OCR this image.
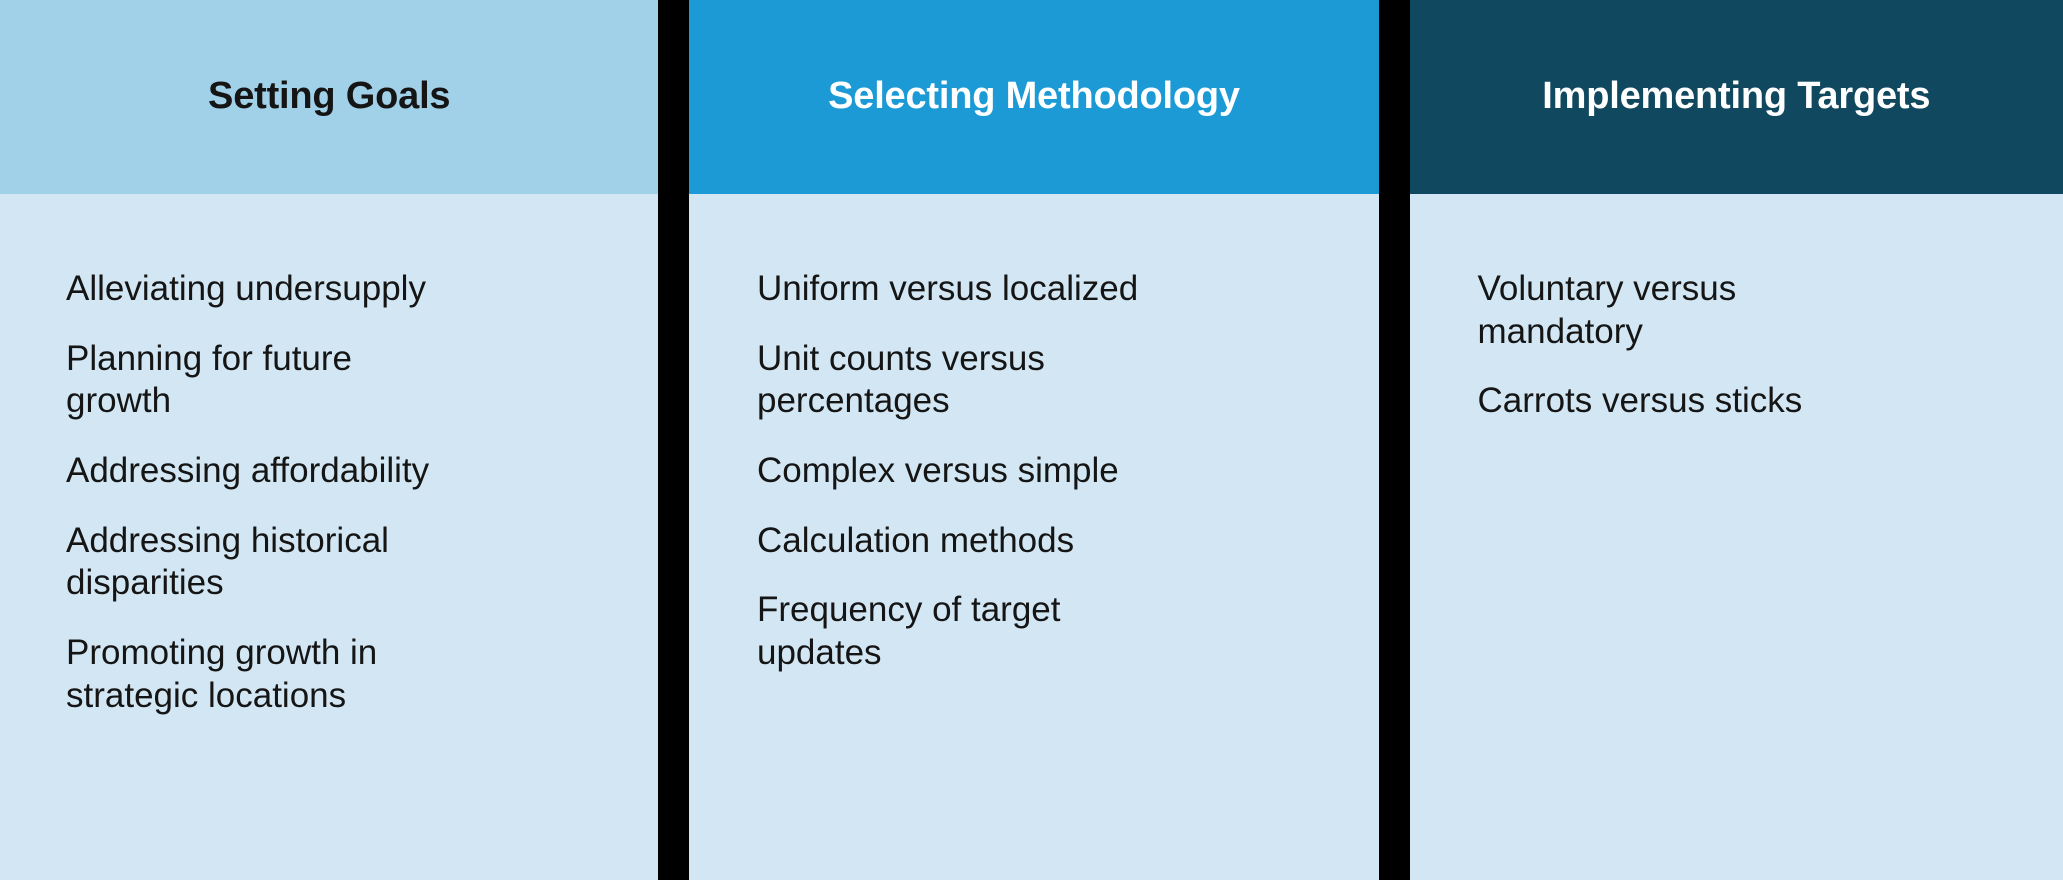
Setting Goals
Alleviating undersupply
Planning for future growth
Addressing affordability
Addressing historical disparities
Promoting growth in strategic locations
Selecting Methodology
Uniform versus localized
Unit counts versus percentages
Complex versus simple
Calculation methods
Frequency of target updates
Implementing Targets
Voluntary versus mandatory
Carrots versus sticks
